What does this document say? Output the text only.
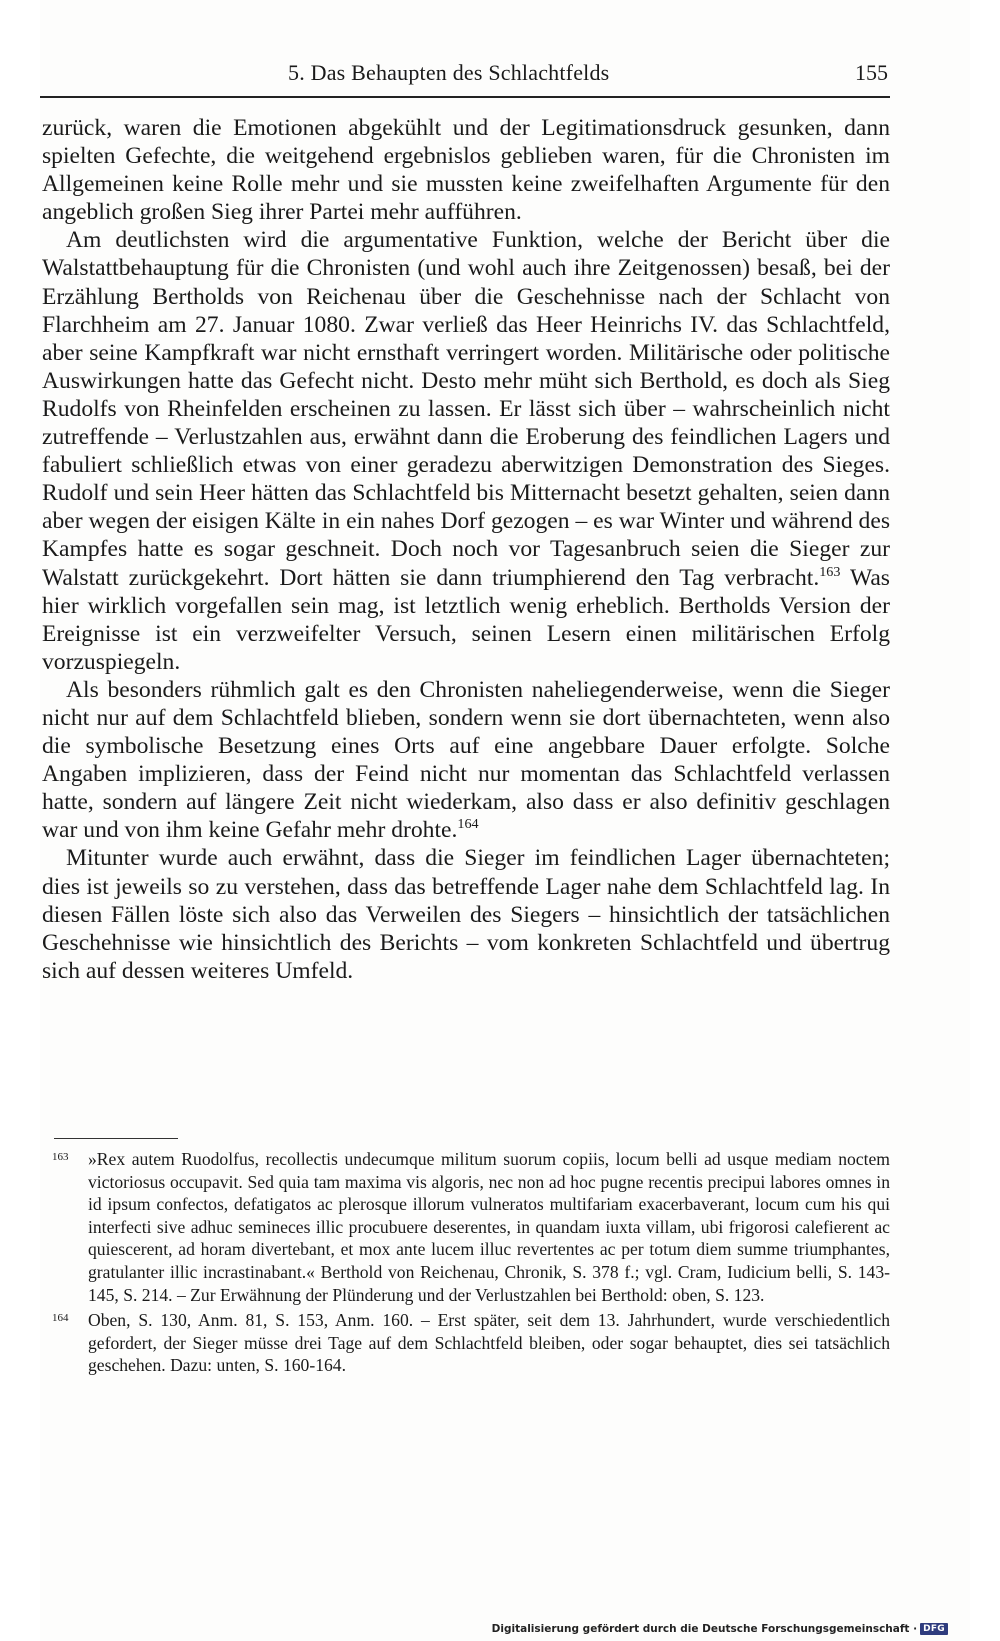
5. Das Behaupten des Schlachtfelds	155

zurück, waren die Emotionen abgekühlt und der Legitimationsdruck gesunken, dann spielten Gefechte, die weitgehend ergebnislos geblieben waren, für die Chronisten im Allgemeinen keine Rolle mehr und sie mussten keine zweifelhaften Argumente für den angeblich großen Sieg ihrer Partei mehr aufführen.

Am deutlichsten wird die argumentative Funktion, welche der Bericht über die Walstattbehauptung für die Chronisten (und wohl auch ihre Zeitgenossen) besaß, bei der Erzählung Bertholds von Reichenau über die Geschehnisse nach der Schlacht von Flarchheim am 27. Januar 1080. Zwar verließ das Heer Heinrichs IV. das Schlachtfeld, aber seine Kampfkraft war nicht ernsthaft verringert worden. Militärische oder politische Auswirkungen hatte das Gefecht nicht. Desto mehr müht sich Berthold, es doch als Sieg Rudolfs von Rheinfelden erscheinen zu lassen. Er lässt sich über – wahrscheinlich nicht zutreffende – Verlustzahlen aus, erwähnt dann die Eroberung des feindlichen Lagers und fabuliert schließlich etwas von einer geradezu aberwitzigen Demonstration des Sieges. Rudolf und sein Heer hätten das Schlachtfeld bis Mitternacht besetzt gehalten, seien dann aber wegen der eisigen Kälte in ein nahes Dorf gezogen – es war Winter und während des Kampfes hatte es sogar geschneit. Doch noch vor Tagesanbruch seien die Sieger zur Walstatt zurückgekehrt. Dort hätten sie dann triumphierend den Tag verbracht.$^{163}$ Was hier wirklich vorgefallen sein mag, ist letztlich wenig erheblich. Bertholds Version der Ereignisse ist ein verzweifelter Versuch, seinen Lesern einen militärischen Erfolg vorzuspiegeln.

Als besonders rühmlich galt es den Chronisten naheliegenderweise, wenn die Sieger nicht nur auf dem Schlachtfeld blieben, sondern wenn sie dort übernachteten, wenn also die symbolische Besetzung eines Orts auf eine angebbare Dauer erfolgte. Solche Angaben implizieren, dass der Feind nicht nur momentan das Schlachtfeld verlassen hatte, sondern auf längere Zeit nicht wiederkam, also dass er also definitiv geschlagen war und von ihm keine Gefahr mehr drohte.$^{164}$

Mitunter wurde auch erwähnt, dass die Sieger im feindlichen Lager übernachteten; dies ist jeweils so zu verstehen, dass das betreffende Lager nahe dem Schlachtfeld lag. In diesen Fällen löste sich also das Verweilen des Siegers – hinsichtlich der tatsächlichen Geschehnisse wie hinsichtlich des Berichts – vom konkreten Schlachtfeld und übertrug sich auf dessen weiteres Umfeld.

163 »Rex autem Ruodolfus, recollectis undecumque militum suorum copiis, locum belli ad usque mediam noctem victoriosus occupavit. Sed quia tam maxima vis algoris, nec non ad hoc pugne recentis precipui labores omnes in id ipsum confectos, defatigatos ac plerosque illorum vulneratos multifariam exacerbaverant, locum cum his qui interfecti sive adhuc semineces illic procubuere deserentes, in quandam iuxta villam, ubi frigorosi calefierent ac quiescerent, ad horam divertebant, et mox ante lucem illuc revertentes ac per totum diem summe triumphantes, gratulanter illic incrastinabant.« Berthold von Reichenau, Chronik, S. 378 f.; vgl. Cram, Iudicium belli, S. 143-145, S. 214. – Zur Erwähnung der Plünderung und der Verlustzahlen bei Berthold: oben, S. 123.

164 Oben, S. 130, Anm. 81, S. 153, Anm. 160. – Erst später, seit dem 13. Jahrhundert, wurde verschiedentlich gefordert, der Sieger müsse drei Tage auf dem Schlachtfeld bleiben, oder sogar behauptet, dies sei tatsächlich geschehen. Dazu: unten, S. 160-164.

Digitalisierung gefördert durch die Deutsche Forschungsgemeinschaft · DFG
